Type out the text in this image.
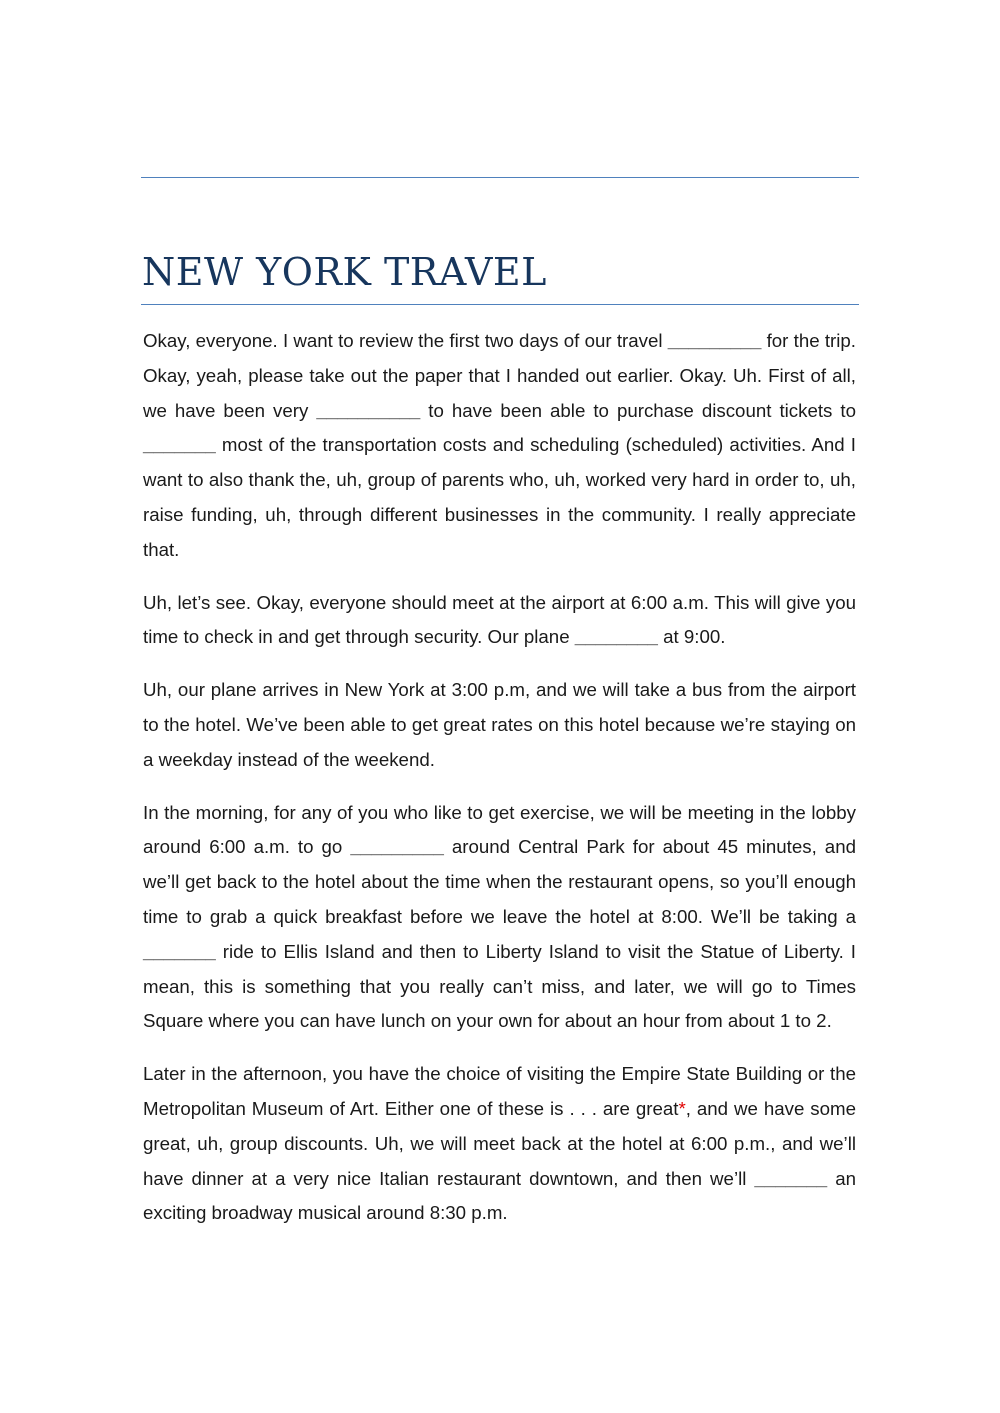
NEW YORK TRAVEL

Okay, everyone. I want to review the first two days of our travel _________ for the trip. Okay, yeah, please take out the paper that I handed out earlier. Okay. Uh. First of all, we have been very __________ to have been able to purchase discount tickets to _______ most of the transportation costs and scheduling (scheduled) activities. And I want to also thank the, uh, group of parents who, uh, worked very hard in order to, uh, raise funding, uh, through different businesses in the community. I really appreciate that.

Uh, let’s see. Okay, everyone should meet at the airport at 6:00 a.m. This will give you time to check in and get through security. Our plane ________ at 9:00.

Uh, our plane arrives in New York at 3:00 p.m, and we will take a bus from the airport to the hotel. We’ve been able to get great rates on this hotel because we’re staying on a weekday instead of the weekend.

In the morning, for any of you who like to get exercise, we will be meeting in the lobby around 6:00 a.m. to go _________ around Central Park for about 45 minutes, and we’ll get back to the hotel about the time when the restaurant opens, so you’ll enough time to grab a quick breakfast before we leave the hotel at 8:00. We’ll be taking a _______ ride to Ellis Island and then to Liberty Island to visit the Statue of Liberty. I mean, this is something that you really can’t miss, and later, we will go to Times Square where you can have lunch on your own for about an hour from about 1 to 2.

Later in the afternoon, you have the choice of visiting the Empire State Building or the Metropolitan Museum of Art. Either one of these is . . . are great*, and we have some great, uh, group discounts. Uh, we will meet back at the hotel at 6:00 p.m., and we’ll have dinner at a very nice Italian restaurant downtown, and then we’ll _______ an exciting broadway musical around 8:30 p.m.
